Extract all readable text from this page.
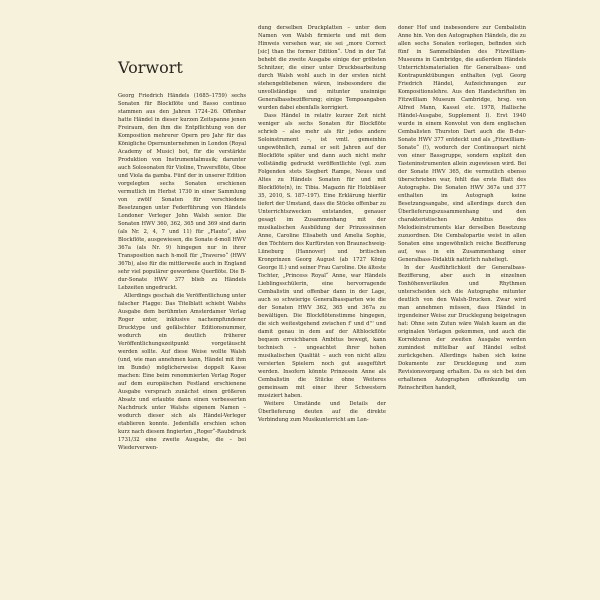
Vorwort

Georg Friedrich Händels (1685–1759) sechs Sonaten für Blockflöte und Basso continuo stammen aus den Jahren 1724–26. Offenbar hatte Händel in dieser kurzen Zeitspanne jenen Freiraum, den ihm die Entpflichtung von der Komposition mehrerer Opern pro Jahr für das Königliche Opernunternehmen in London (Royal Academy of Music) bot, für die verstärkte Produktion von Instrumentalmusik; darunter auch Solosonaten für Violine, Traversflöte, Oboe und Viola da gamba. Fünf der in unserer Edition vorgelegten sechs Sonaten erschienen vermutlich im Herbst 1730 in einer Sammlung von zwölf Sonaten für verschiedene Besetzungen unter Federführung von Händels Londoner Verleger John Walsh senior. Die Sonaten HWV 360, 362, 365 und 369 sind darin (als Nr. 2, 4, 7 und 11) für „Flauto“, also Blockflöte, ausgewiesen, die Sonate d-moll HWV 367a (als Nr. 9) hingegen nur in ihrer Transposition nach h-moll für „Traverso“ (HWV 367b), also für die mittlerweile auch in England sehr viel populärer gewordene Querflöte. Die B-dur-Sonate HWV 377 blieb zu Händels Lebzeiten ungedruckt.

Allerdings geschah die Veröffentlichung unter falscher Flagge: Das Titelblatt schiebt Walshs Ausgabe dem berühmten Amsterdamer Verlag Roger unter, inklusive nachempfundener Drucktype und gefälschter Editionsnummer, wodurch ein deutlich früherer Veröffentlichungszeitpunkt vorgetäuscht werden sollte. Auf diese Weise wollte Walsh (und, wie man annehmen kann, Händel mit ihm im Bunde) möglicherweise doppelt Kasse machen: Eine beim renommierten Verlag Roger auf dem europäischen Festland erschienene Ausgabe versprach zunächst einen größeren Absatz und erlaubte dann einen verbesserten Nachdruck unter Walshs eigenem Namen – wodurch dieser sich als Händel-Verleger etablieren konnte. Jedenfalls erschien schon kurz nach diesem fingierten „Roger“-Raubdruck 1731/32 eine zweite Ausgabe, die – bei Wiederverwen-

dung derselben Druckplatten – unter dem Namen von Walsh firmierte und mit dem Hinweis versehen war, sie sei „more Correct [sic] than the former Edition“. Und in der Tat behebt die zweite Ausgabe einige der gröbsten Schnitzer, die einer unter Druckbearbeitung durch Walsh wohl auch in der ersten nicht stehengebliebenen wären, insbesondere die unvollständige und mitunter unsinnige Generalbassbezifferung; einige Tempoangaben wurden dabei ebenfalls korrigiert.

Dass Händel in relativ kurzer Zeit nicht weniger als sechs Sonaten für Blockflöte schrieb – also mehr als für jedes andere Soloinstrument –, ist vmtl. gemeinhin ungewöhnlich, zumal er seit Jahren auf der Blockflöte später und dann auch nicht mehr vollständig gedruckt veröffentlichte (vgl. zum Folgenden stets Siegbert Rampe, Neues und Altes zu Händels Sonaten für und mit Blockflöte(n), in: Tibia. Magazin für Holzbläser 35, 2010, S. 187–197). Eine Erklärung hierfür liefert der Umstand, dass die Stücke offenbar zu Unterrichtszwecken entstanden, genauer gesagt im Zusammenhang mit der musikalischen Ausbildung der Prinzessinnen Anne, Caroline Elisabeth und Amelia Sophie, den Töchtern des Kurfürsten von Braunschweig-Lüneburg (Hannover) und britischen Kronprinzen Georg August (ab 1727 König George II.) und seiner Frau Caroline. Die älteste Tochter, „Princess Royal“ Anne, war Händels Lieblingsschülerin, eine hervorragende Cembalistin und offenbar dann in der Lage, auch so schwierige Generalbassparten wie die der Sonaten HWV 362, 365 und 367a zu bewältigen. Die Blockflötenstimme hingegen, die sich weitestgehend zwischen f' und d''' und damit genau in dem auf der Altblockflöte bequem erreichbaren Ambitus bewegt, kann technisch – ungeachtet ihrer hohen musikalischen Qualität – auch von nicht allzu versierten Spielern noch gut ausgeführt werden. Insofern könnte Prinzessin Anne als Cembalistin die Stücke ohne Weiteres gemeinsam mit einer ihrer Schwestern musiziert haben.

Weitere Umstände und Details der Überlieferung deuten auf die direkte Verbindung zum Musikunterricht am Lon-

doner Hof und insbesondere zur Cembalistin Anne hin. Von den Autographen Händels, die zu allen sechs Sonaten vorliegen, befinden sich fünf in Sammelbänden des Fitzwilliam-Museums in Cambridge, die außerdem Händels Unterrichtsmaterialien für Generalbass- und Kontrapunktübungen enthalten (vgl. Georg Friedrich Händel, Aufzeichnungen zur Kompositionslehre. Aus den Handschriften im Fitzwilliam Museum Cambridge, hrsg. von Alfred Mann, Kassel etc. 1978, Hallische Händel-Ausgabe, Supplement I). Erst 1940 wurde in einem Konvolut von dem englischen Cembalisten Thurston Dart auch die B-dur-Sonate HWV 377 entdeckt und als „Fitzwilliam-Sonate“ (!), wodurch der Continuopart nicht von einer Bassgruppe, sondern explizit den Tasteninstrumenten allein zugewiesen wird. Bei der Sonate HWV 365, die vermutlich ebenso überschrieben war, fehlt das erste Blatt des Autographs. Die Sonaten HWV 367a und 377 enthalten im Autograph keine Besetzungsangabe, sind allerdings durch den Überlieferungszusammenhang und den charakteristischen Ambitus des Melodieinstruments klar derselben Besetzung zuzuordnen. Die Cembalopartie weist in allen Sonaten eine ungewöhnlich reiche Bezifferung auf, was in ein Zusammenhang einer Generalbass-Didaktik natürlich naheliegt.

In der Ausführlichkeit der Generalbass-Bezifferung, aber auch in einzelnen Tonhöhenverläufen und Rhythmen unterscheiden sich die Autographe mitunter deutlich von den Walsh-Drucken. Zwar wird man annehmen müssen, dass Händel in irgendeiner Weise zur Drucklegung beigetragen hat: Ohne sein Zutun wäre Walsh kaum an die originalen Vorlagen gekommen, und auch die Korrekturen der zweiten Ausgabe werden zumindest mittelbar auf Händel selbst zurückgehen. Allerdings haben sich keine Dokumente zur Drucklegung und zum Revisionsvorgang erhalten. Da es sich bei den erhaltenen Autographen offenkundig um Reinschriften handelt,
